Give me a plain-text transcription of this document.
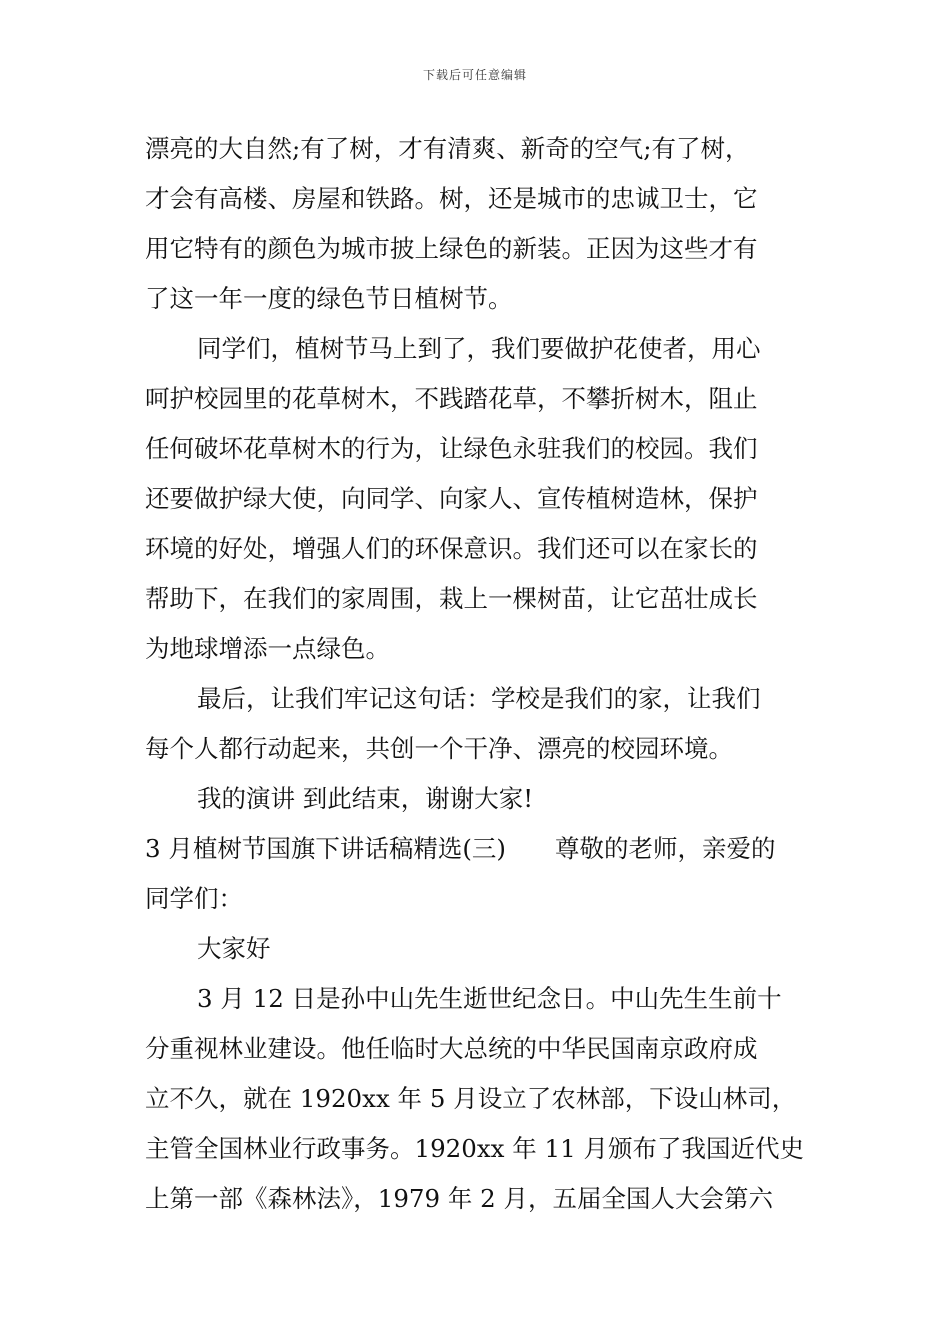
下载后可任意编辑
漂亮的大自然;有了树，才有清爽、新奇的空气;有了树，
才会有高楼、房屋和铁路。树，还是城市的忠诚卫士，它
用它特有的颜色为城市披上绿色的新装。正因为这些才有
了这一年一度的绿色节日植树节。
同学们，植树节马上到了，我们要做护花使者，用心
呵护校园里的花草树木，不践踏花草，不攀折树木，阻止
任何破坏花草树木的行为，让绿色永驻我们的校园。我们
还要做护绿大使，向同学、向家人、宣传植树造林，保护
环境的好处，增强人们的环保意识。我们还可以在家长的
帮助下，在我们的家周围，栽上一棵树苗，让它茁壮成长
为地球增添一点绿色。
最后，让我们牢记这句话：学校是我们的家，让我们
每个人都行动起来，共创一个干净、漂亮的校园环境。
我的演讲 到此结束，谢谢大家!
3 月植树节国旗下讲话稿精选(三)　　尊敬的老师，亲爱的
同学们：
大家好
3 月 12 日是孙中山先生逝世纪念日。中山先生生前十
分重视林业建设。他任临时大总统的中华民国南京政府成
立不久，就在 1920xx 年 5 月设立了农林部，下设山林司，
主管全国林业行政事务。1920xx 年 11 月颁布了我国近代史
上第一部《森林法》，1979 年 2 月，五届全国人大会第六
